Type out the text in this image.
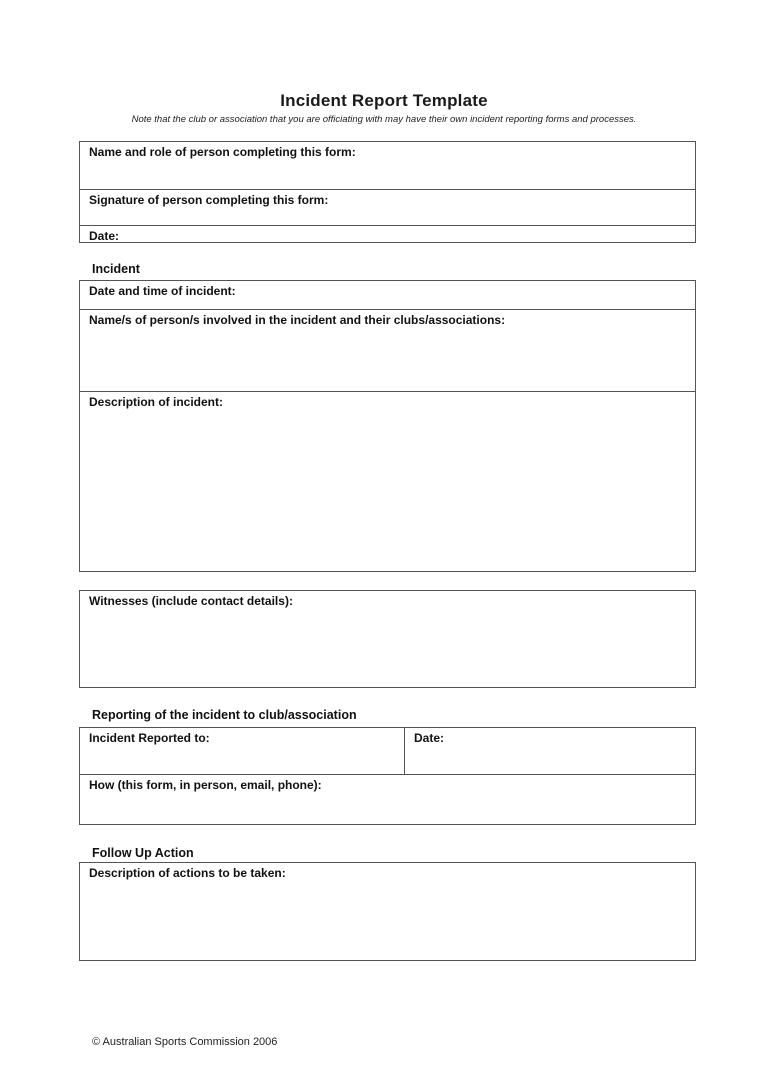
Incident Report Template

Note that the club or association that you are officiating with may have their own incident reporting forms and processes.

Name and role of person completing this form:
Signature of person completing this form:
Date:
Incident
Date and time of incident:
Name/s of person/s involved in the incident and their clubs/associations:
Description of incident:
Witnesses (include contact details):
Reporting of the incident to club/association
Incident Reported to:	Date:
How (this form, in person, email, phone):
Follow Up Action
Description of actions to be taken:

© Australian Sports Commission 2006
